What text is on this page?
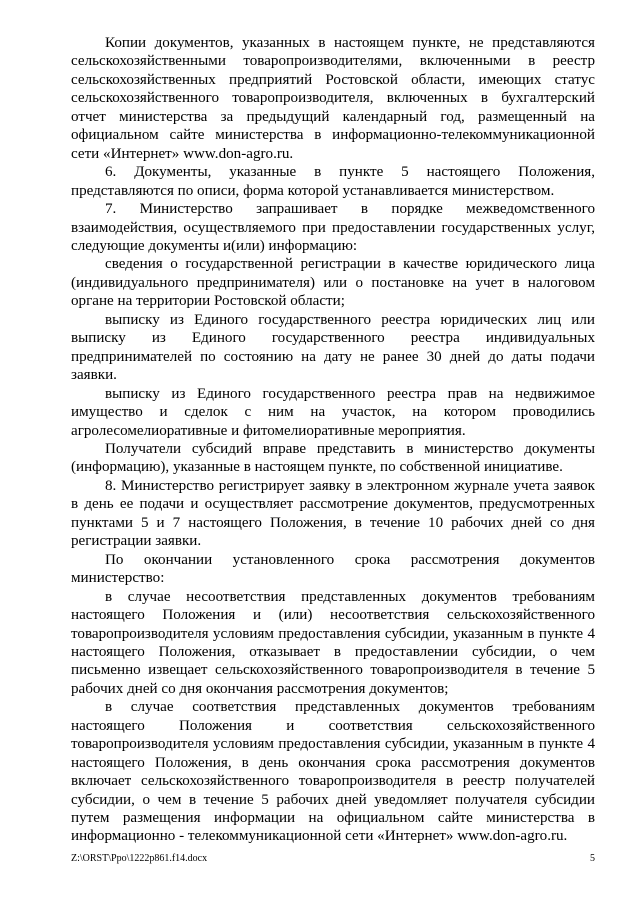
Копии документов, указанных в настоящем пункте, не представляются сельскохозяйственными товаропроизводителями, включенными в реестр сельскохозяйственных предприятий Ростовской области, имеющих статус сельскохозяйственного товаропроизводителя, включенных в бухгалтерский отчет министерства за предыдущий календарный год, размещенный на официальном сайте министерства в информационно-телекоммуникационной сети «Интернет» www.don-agro.ru.

6. Документы, указанные в пункте 5 настоящего Положения, представляются по описи, форма которой устанавливается министерством.

7. Министерство запрашивает в порядке межведомственного взаимодействия, осуществляемого при предоставлении государственных услуг, следующие документы и(или) информацию:

сведения о государственной регистрации в качестве юридического лица (индивидуального предпринимателя) или о постановке на учет в налоговом органе на территории Ростовской области;

выписку из Единого государственного реестра юридических лиц или выписку из Единого государственного реестра индивидуальных предпринимателей по состоянию на дату не ранее 30 дней до даты подачи заявки.

выписку из Единого государственного реестра прав на недвижимое имущество и сделок с ним на участок, на котором проводились агролесомелиоративные и фитомелиоративные мероприятия.

Получатели субсидий вправе представить в министерство документы (информацию), указанные в настоящем пункте, по собственной инициативе.

8. Министерство регистрирует заявку в электронном журнале учета заявок в день ее подачи и осуществляет рассмотрение документов, предусмотренных пунктами 5 и 7 настоящего Положения, в течение 10 рабочих дней со дня регистрации заявки.

По окончании установленного срока рассмотрения документов министерство:

в случае несоответствия представленных документов требованиям настоящего Положения и (или) несоответствия сельскохозяйственного товаропроизводителя условиям предоставления субсидии, указанным в пункте 4 настоящего Положения, отказывает в предоставлении субсидии, о чем письменно извещает сельскохозяйственного товаропроизводителя в течение 5 рабочих дней со дня окончания рассмотрения документов;

в случае соответствия представленных документов требованиям настоящего Положения и соответствия сельскохозяйственного товаропроизводителя условиям предоставления субсидии, указанным в пункте 4 настоящего Положения, в день окончания срока рассмотрения документов включает сельскохозяйственного товаропроизводителя в реестр получателей субсидии, о чем в течение 5 рабочих дней уведомляет получателя субсидии путем размещения информации на официальном сайте министерства в информационно - телекоммуникационной сети «Интернет» www.don-agro.ru.

Z:\ORST\Ppo\1222p861.f14.docx	5
